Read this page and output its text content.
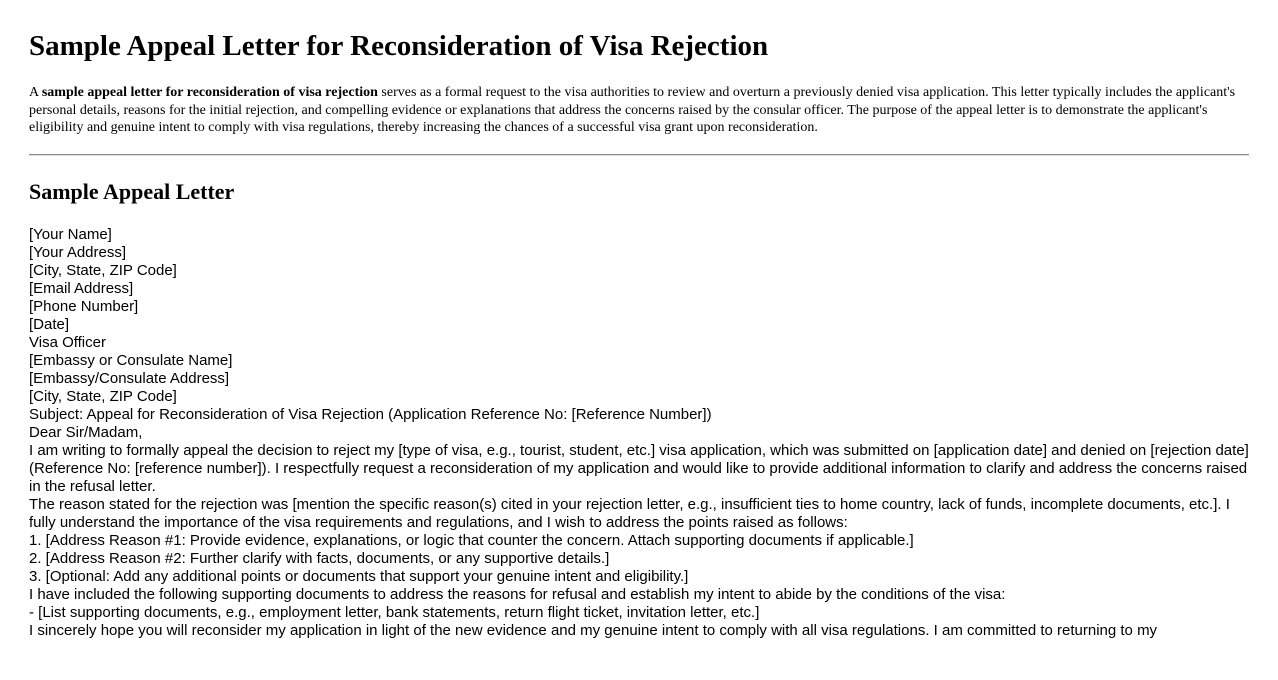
Sample Appeal Letter for Reconsideration of Visa Rejection

A sample appeal letter for reconsideration of visa rejection serves as a formal request to the visa authorities to review and overturn a previously denied visa application. This letter typically includes the applicant's personal details, reasons for the initial rejection, and compelling evidence or explanations that address the concerns raised by the consular officer. The purpose of the appeal letter is to demonstrate the applicant's eligibility and genuine intent to comply with visa regulations, thereby increasing the chances of a successful visa grant upon reconsideration.

Sample Appeal Letter
[Your Name]
[Your Address]
[City, State, ZIP Code]
[Email Address]
[Phone Number]
[Date]
Visa Officer
[Embassy or Consulate Name]
[Embassy/Consulate Address]
[City, State, ZIP Code]
Subject: Appeal for Reconsideration of Visa Rejection (Application Reference No: [Reference Number])
Dear Sir/Madam,
I am writing to formally appeal the decision to reject my [type of visa, e.g., tourist, student, etc.] visa application, which was submitted on [application date] and denied on [rejection date] (Reference No: [reference number]). I respectfully request a reconsideration of my application and would like to provide additional information to clarify and address the concerns raised in the refusal letter.
The reason stated for the rejection was [mention the specific reason(s) cited in your rejection letter, e.g., insufficient ties to home country, lack of funds, incomplete documents, etc.]. I fully understand the importance of the visa requirements and regulations, and I wish to address the points raised as follows:
1. [Address Reason #1: Provide evidence, explanations, or logic that counter the concern. Attach supporting documents if applicable.]
2. [Address Reason #2: Further clarify with facts, documents, or any supportive details.]
3. [Optional: Add any additional points or documents that support your genuine intent and eligibility.]
I have included the following supporting documents to address the reasons for refusal and establish my intent to abide by the conditions of the visa:
- [List supporting documents, e.g., employment letter, bank statements, return flight ticket, invitation letter, etc.]
I sincerely hope you will reconsider my application in light of the new evidence and my genuine intent to comply with all visa regulations. I am committed to returning to my
